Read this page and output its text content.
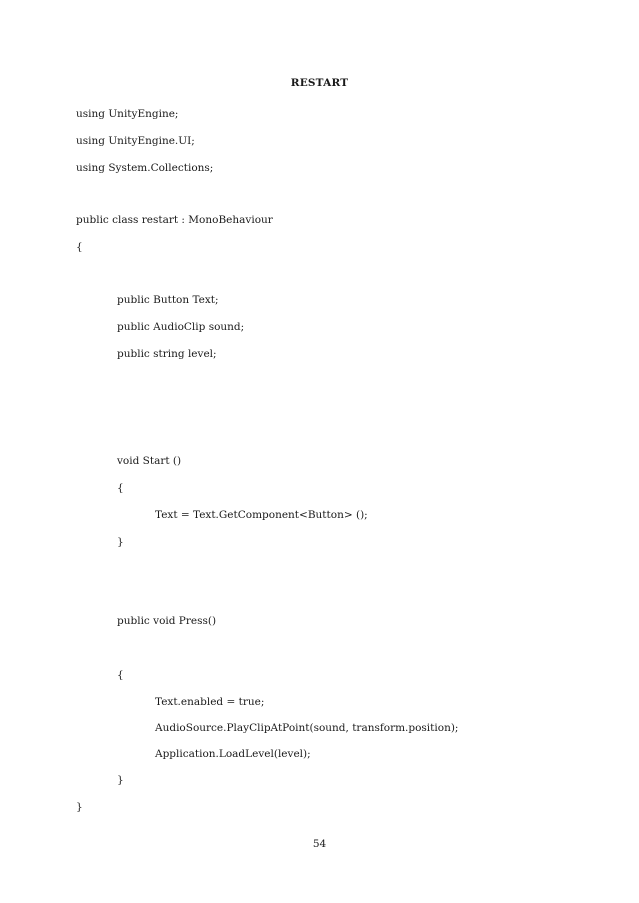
RESTART
using UnityEngine;
using UnityEngine.UI;
using System.Collections;
public class restart : MonoBehaviour
{
public Button Text;
public AudioClip sound;
public string level;
void Start ()
{
Text = Text.GetComponent<Button> ();
}
public void Press()
{
Text.enabled = true;
AudioSource.PlayClipAtPoint(sound, transform.position);
Application.LoadLevel(level);
}
}
54
